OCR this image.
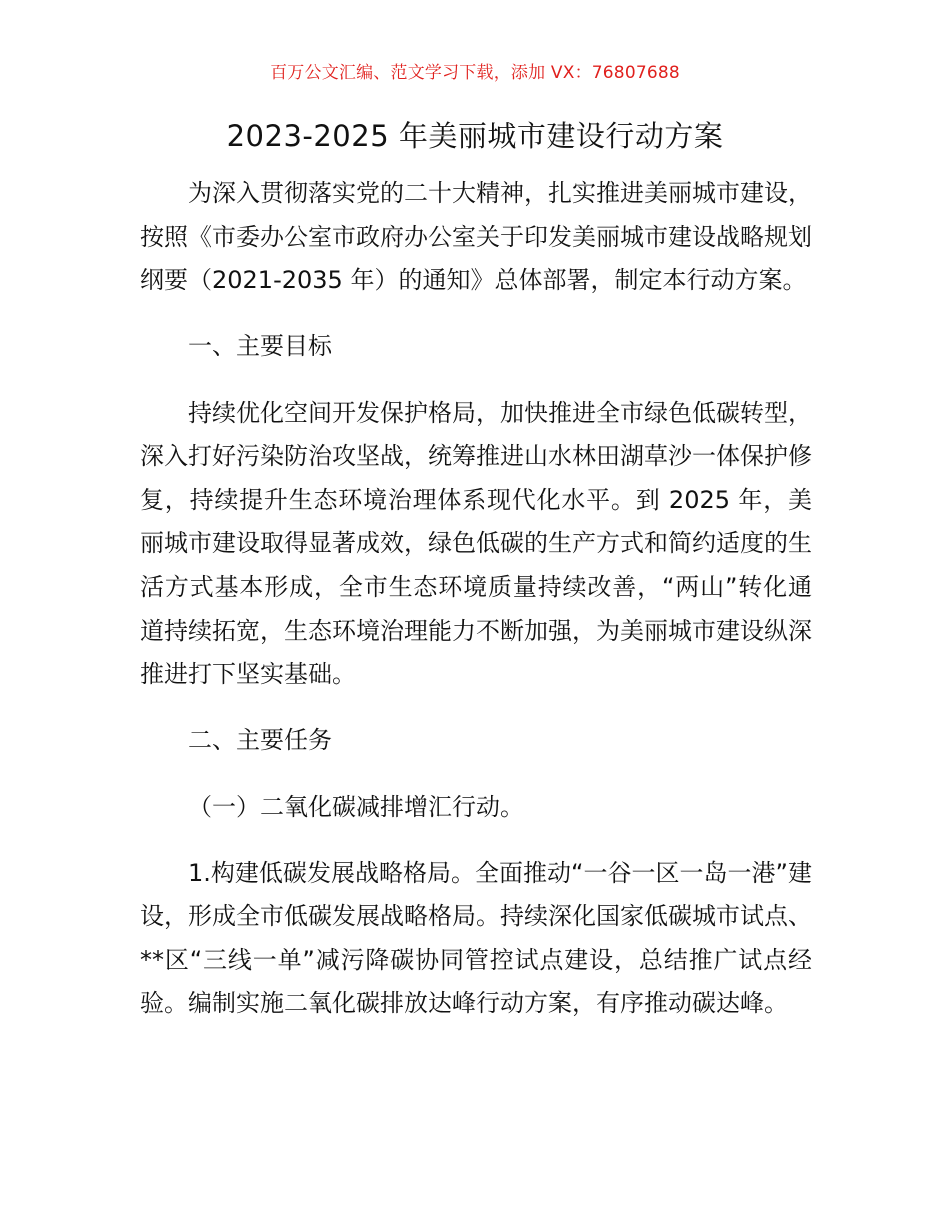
百万公文汇编、范文学习下载，添加 VX：76807688
2023-2025 年美丽城市建设行动方案

为深入贯彻落实党的二十大精神，扎实推进美丽城市建设，按照《市委办公室市政府办公室关于印发美丽城市建设战略规划纲要（2021-2035 年）的通知》总体部署，制定本行动方案。

一、主要目标

持续优化空间开发保护格局，加快推进全市绿色低碳转型，深入打好污染防治攻坚战，统筹推进山水林田湖草沙一体保护修复，持续提升生态环境治理体系现代化水平。到 2025 年，美丽城市建设取得显著成效，绿色低碳的生产方式和简约适度的生活方式基本形成，全市生态环境质量持续改善，“两山”转化通道持续拓宽，生态环境治理能力不断加强，为美丽城市建设纵深推进打下坚实基础。

二、主要任务

（一）二氧化碳减排增汇行动。

1.构建低碳发展战略格局。全面推动“一谷一区一岛一港”建设，形成全市低碳发展战略格局。持续深化国家低碳城市试点、**区“三线一单”减污降碳协同管控试点建设，总结推广试点经验。编制实施二氧化碳排放达峰行动方案，有序推动碳达峰。
